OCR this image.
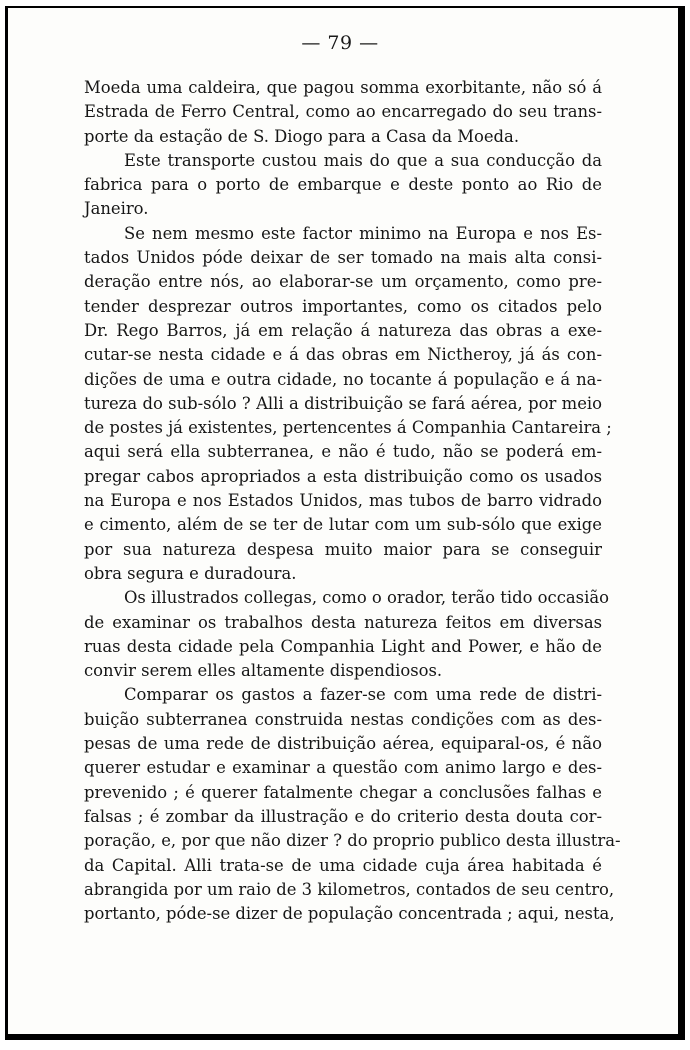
— 79 —
Moeda uma caldeira, que pagou somma exorbitante, não só á
Estrada de Ferro Central, como ao encarregado do seu trans-
porte da estação de S. Diogo para a Casa da Moeda.
Este transporte custou mais do que a sua conducção da
fabrica para o porto de embarque e deste ponto ao Rio de
Janeiro.
Se nem mesmo este factor minimo na Europa e nos Es-
tados Unidos póde deixar de ser tomado na mais alta consi-
deração entre nós, ao elaborar-se um orçamento, como pre-
tender desprezar outros importantes, como os citados pelo
Dr. Rego Barros, já em relação á natureza das obras a exe-
cutar-se nesta cidade e á das obras em Nictheroy, já ás con-
dições de uma e outra cidade, no tocante á população e á na-
tureza do sub-sólo ? Alli a distribuição se fará aérea, por meio
de postes já existentes, pertencentes á Companhia Cantareira ;
aqui será ella subterranea, e não é tudo, não se poderá em-
pregar cabos apropriados a esta distribuição como os usados
na Europa e nos Estados Unidos, mas tubos de barro vidrado
e cimento, além de se ter de lutar com um sub-sólo que exige
por sua natureza despesa muito maior para se conseguir
obra segura e duradoura.
Os illustrados collegas, como o orador, terão tido occasião
de examinar os trabalhos desta natureza feitos em diversas
ruas desta cidade pela Companhia Light and Power, e hão de
convir serem elles altamente dispendiosos.
Comparar os gastos a fazer-se com uma rede de distri-
buição subterranea construida nestas condições com as des-
pesas de uma rede de distribuição aérea, equiparal-os, é não
querer estudar e examinar a questão com animo largo e des-
prevenido ; é querer fatalmente chegar a conclusões falhas e
falsas ; é zombar da illustração e do criterio desta douta cor-
poração, e, por que não dizer ? do proprio publico desta illustra-
da Capital. Alli trata-se de uma cidade cuja área habitada é
abrangida por um raio de 3 kilometros, contados de seu centro,
portanto, póde-se dizer de população concentrada ; aqui, nesta,
